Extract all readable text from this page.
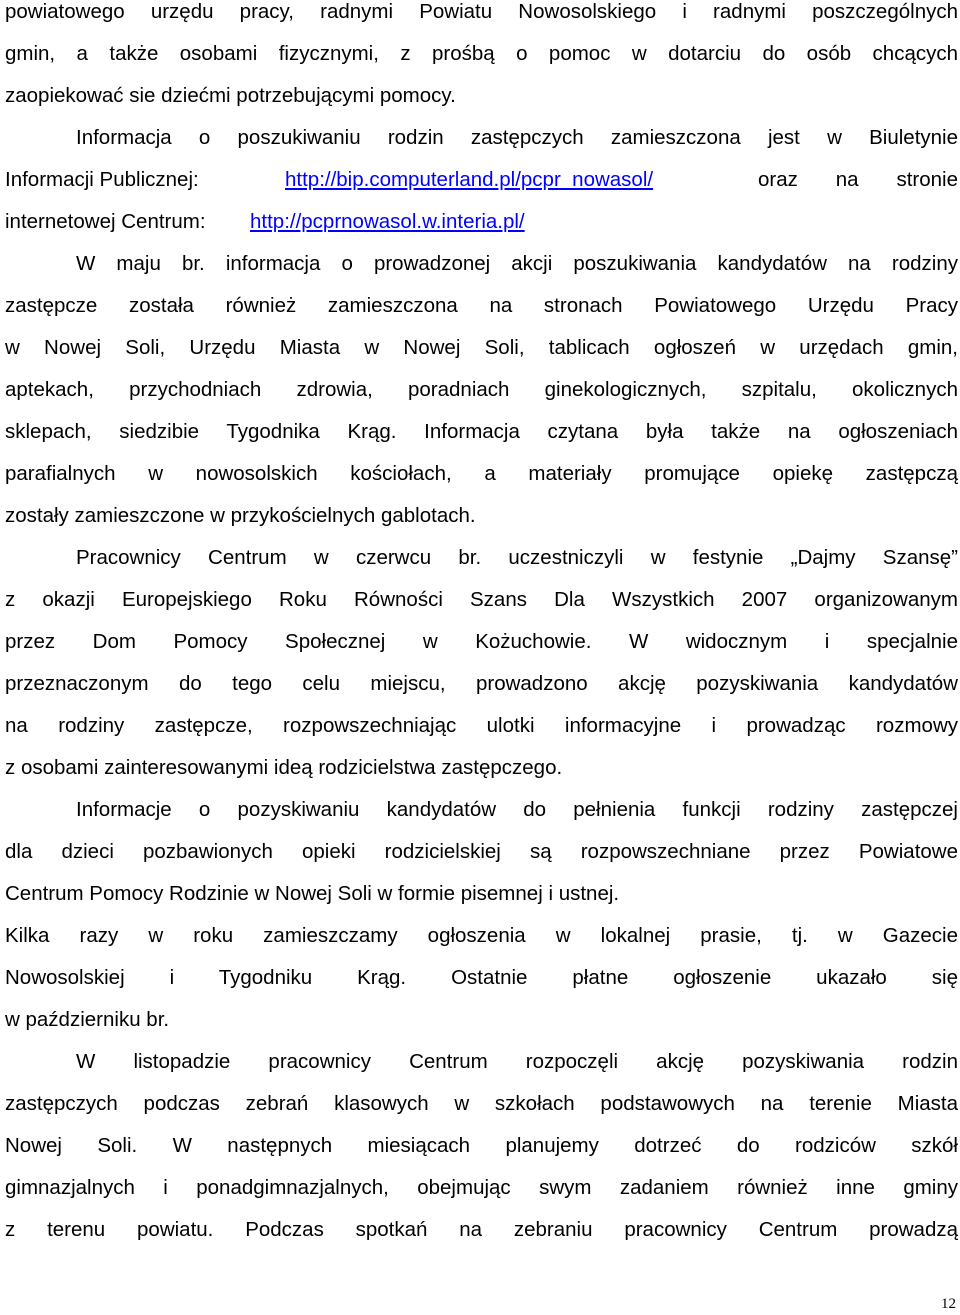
powiatowego urzędu pracy, radnymi Powiatu Nowosolskiego i radnymi poszczególnych
gmin, a także osobami fizycznymi, z prośbą o pomoc w dotarciu do osób chcących
zaopiekować sie dziećmi potrzebującymi pomocy.
Informacja o poszukiwaniu rodzin zastępczych zamieszczona jest w Biuletynie
Informacji Publicznej:	http://bip.computerland.pl/pcpr_nowasol/	oraz na stronie
internetowej Centrum: http://pcprnowasol.w.interia.pl/
W maju br. informacja o prowadzonej akcji poszukiwania kandydatów na rodziny
zastępcze została również zamieszczona na stronach Powiatowego Urzędu Pracy
w Nowej Soli, Urzędu Miasta w Nowej Soli, tablicach ogłoszeń w urzędach gmin,
aptekach, przychodniach zdrowia, poradniach ginekologicznych, szpitalu, okolicznych
sklepach, siedzibie Tygodnika Krąg. Informacja czytana była także na ogłoszeniach
parafialnych w nowosolskich kościołach, a materiały promujące opiekę zastępczą
zostały zamieszczone w przykościelnych gablotach.
Pracownicy Centrum w czerwcu br. uczestniczyli w festynie „Dajmy Szansę”
z okazji Europejskiego Roku Równości Szans Dla Wszystkich 2007 organizowanym
przez Dom Pomocy Społecznej w Kożuchowie. W widocznym i specjalnie
przeznaczonym do tego celu miejscu, prowadzono akcję pozyskiwania kandydatów
na rodziny zastępcze, rozpowszechniając ulotki informacyjne i prowadząc rozmowy
z osobami zainteresowanymi ideą rodzicielstwa zastępczego.
Informacje o pozyskiwaniu kandydatów do pełnienia funkcji rodziny zastępczej
dla dzieci pozbawionych opieki rodzicielskiej są rozpowszechniane przez Powiatowe
Centrum Pomocy Rodzinie w Nowej Soli w formie pisemnej i ustnej.
Kilka razy w roku zamieszczamy ogłoszenia w lokalnej prasie, tj. w Gazecie
Nowosolskiej i Tygodniku Krąg. Ostatnie płatne ogłoszenie ukazało się
w październiku br.
W listopadzie pracownicy Centrum rozpoczęli akcję pozyskiwania rodzin
zastępczych podczas zebrań klasowych w szkołach podstawowych na terenie Miasta
Nowej Soli. W następnych miesiącach planujemy dotrzeć do rodziców szkół
gimnazjalnych i ponadgimnazjalnych, obejmując swym zadaniem również inne gminy
z terenu powiatu. Podczas spotkań na zebraniu pracownicy Centrum prowadzą
12
